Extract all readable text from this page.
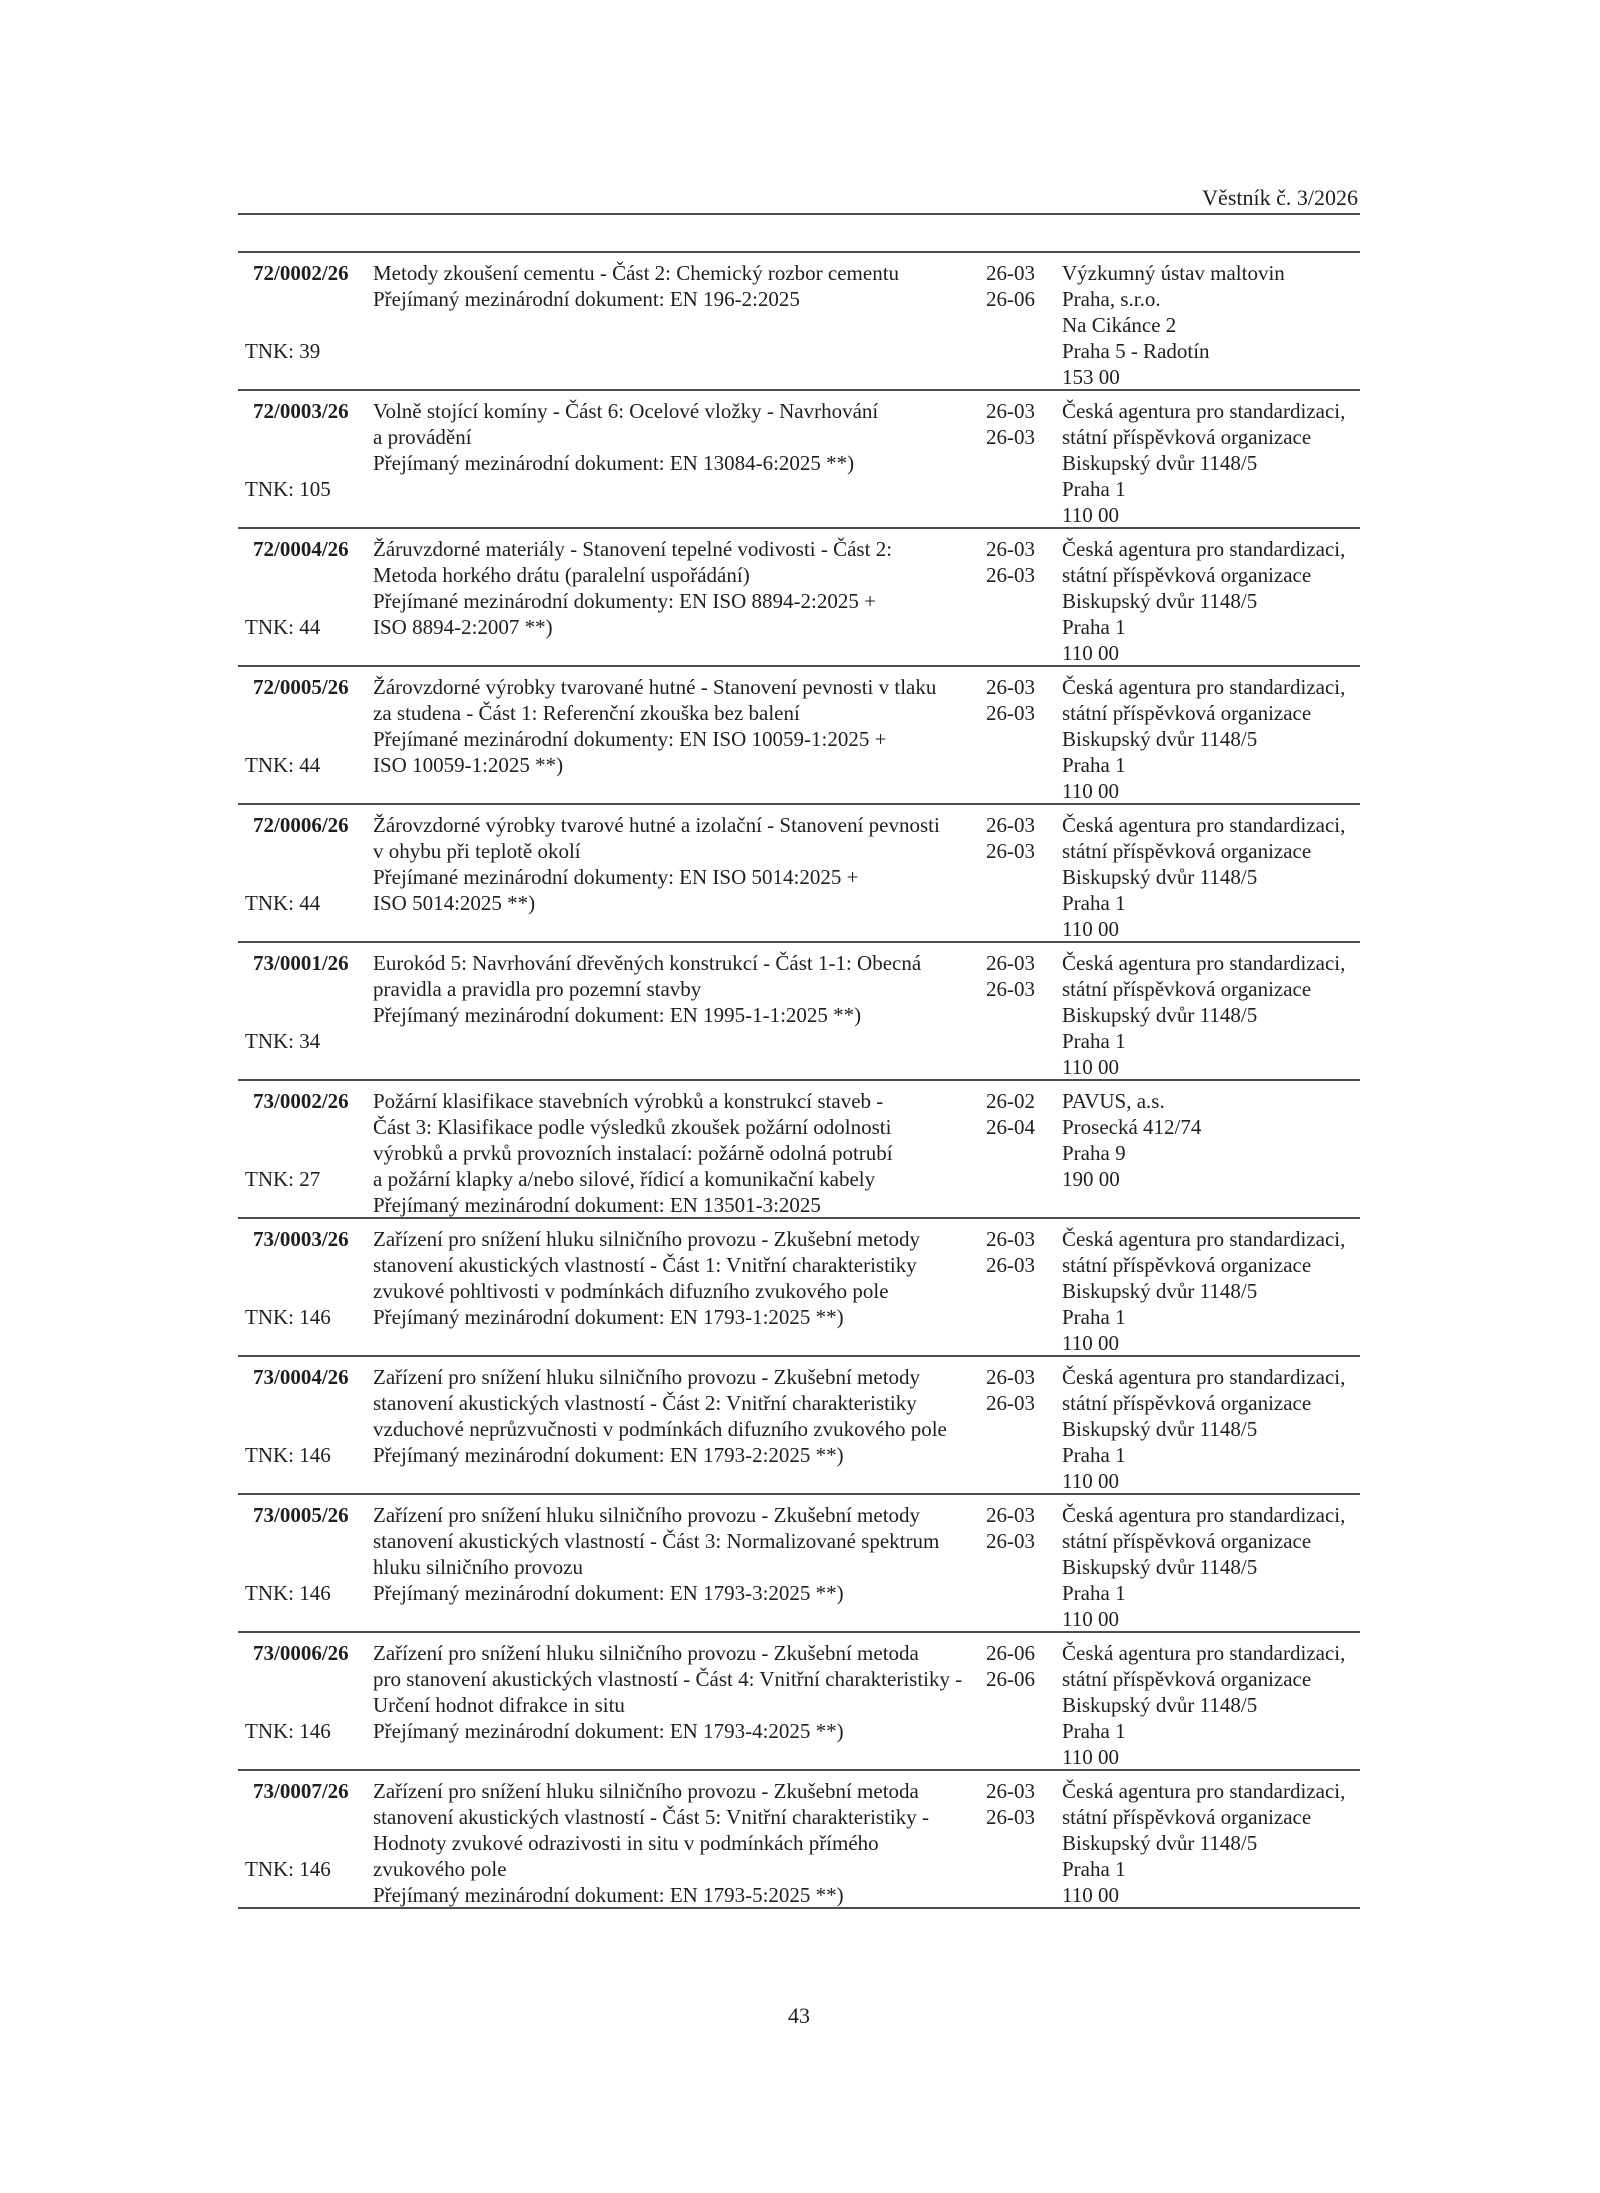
Věstník č. 3/2026
72/0002/26
TNK: 39
Metody zkoušení cementu - Část 2: Chemický rozbor cementu
Přejímaný mezinárodní dokument: EN 196-2:2025
26-03
26-06
Výzkumný ústav maltovin
Praha, s.r.o.
Na Cikánce 2
Praha 5 - Radotín
153 00
72/0003/26
TNK: 105
Volně stojící komíny - Část 6: Ocelové vložky - Navrhování
a provádění
Přejímaný mezinárodní dokument: EN 13084-6:2025 **)
26-03
26-03
Česká agentura pro standardizaci,
státní příspěvková organizace
Biskupský dvůr 1148/5
Praha 1
110 00
72/0004/26
TNK: 44
Žáruvzdorné materiály - Stanovení tepelné vodivosti - Část 2:
Metoda horkého drátu (paralelní uspořádání)
Přejímané mezinárodní dokumenty: EN ISO 8894-2:2025 +
ISO 8894-2:2007 **)
26-03
26-03
Česká agentura pro standardizaci,
státní příspěvková organizace
Biskupský dvůr 1148/5
Praha 1
110 00
72/0005/26
TNK: 44
Žárovzdorné výrobky tvarované hutné - Stanovení pevnosti v tlaku
za studena - Část 1: Referenční zkouška bez balení
Přejímané mezinárodní dokumenty: EN ISO 10059-1:2025 +
ISO 10059-1:2025 **)
26-03
26-03
Česká agentura pro standardizaci,
státní příspěvková organizace
Biskupský dvůr 1148/5
Praha 1
110 00
72/0006/26
TNK: 44
Žárovzdorné výrobky tvarové hutné a izolační - Stanovení pevnosti
v ohybu při teplotě okolí
Přejímané mezinárodní dokumenty: EN ISO 5014:2025 +
ISO 5014:2025 **)
26-03
26-03
Česká agentura pro standardizaci,
státní příspěvková organizace
Biskupský dvůr 1148/5
Praha 1
110 00
73/0001/26
TNK: 34
Eurokód 5: Navrhování dřevěných konstrukcí - Část 1-1: Obecná
pravidla a pravidla pro pozemní stavby
Přejímaný mezinárodní dokument: EN 1995-1-1:2025 **)
26-03
26-03
Česká agentura pro standardizaci,
státní příspěvková organizace
Biskupský dvůr 1148/5
Praha 1
110 00
73/0002/26
TNK: 27
Požární klasifikace stavebních výrobků a konstrukcí staveb -
Část 3: Klasifikace podle výsledků zkoušek požární odolnosti
výrobků a prvků provozních instalací: požárně odolná potrubí
a požární klapky a/nebo silové, řídicí a komunikační kabely
Přejímaný mezinárodní dokument: EN 13501-3:2025
26-02
26-04
PAVUS, a.s.
Prosecká 412/74
Praha 9
190 00
73/0003/26
TNK: 146
Zařízení pro snížení hluku silničního provozu - Zkušební metody
stanovení akustických vlastností - Část 1: Vnitřní charakteristiky
zvukové pohltivosti v podmínkách difuzního zvukového pole
Přejímaný mezinárodní dokument: EN 1793-1:2025 **)
26-03
26-03
Česká agentura pro standardizaci,
státní příspěvková organizace
Biskupský dvůr 1148/5
Praha 1
110 00
73/0004/26
TNK: 146
Zařízení pro snížení hluku silničního provozu - Zkušební metody
stanovení akustických vlastností - Část 2: Vnitřní charakteristiky
vzduchové neprůzvučnosti v podmínkách difuzního zvukového pole
Přejímaný mezinárodní dokument: EN 1793-2:2025 **)
26-03
26-03
Česká agentura pro standardizaci,
státní příspěvková organizace
Biskupský dvůr 1148/5
Praha 1
110 00
73/0005/26
TNK: 146
Zařízení pro snížení hluku silničního provozu - Zkušební metody
stanovení akustických vlastností - Část 3: Normalizované spektrum
hluku silničního provozu
Přejímaný mezinárodní dokument: EN 1793-3:2025 **)
26-03
26-03
Česká agentura pro standardizaci,
státní příspěvková organizace
Biskupský dvůr 1148/5
Praha 1
110 00
73/0006/26
TNK: 146
Zařízení pro snížení hluku silničního provozu - Zkušební metoda
pro stanovení akustických vlastností - Část 4: Vnitřní charakteristiky -
Určení hodnot difrakce in situ
Přejímaný mezinárodní dokument: EN 1793-4:2025 **)
26-06
26-06
Česká agentura pro standardizaci,
státní příspěvková organizace
Biskupský dvůr 1148/5
Praha 1
110 00
73/0007/26
TNK: 146
Zařízení pro snížení hluku silničního provozu - Zkušební metoda
stanovení akustických vlastností - Část 5: Vnitřní charakteristiky -
Hodnoty zvukové odrazivosti in situ v podmínkách přímého
zvukového pole
Přejímaný mezinárodní dokument: EN 1793-5:2025 **)
26-03
26-03
Česká agentura pro standardizaci,
státní příspěvková organizace
Biskupský dvůr 1148/5
Praha 1
110 00
43
